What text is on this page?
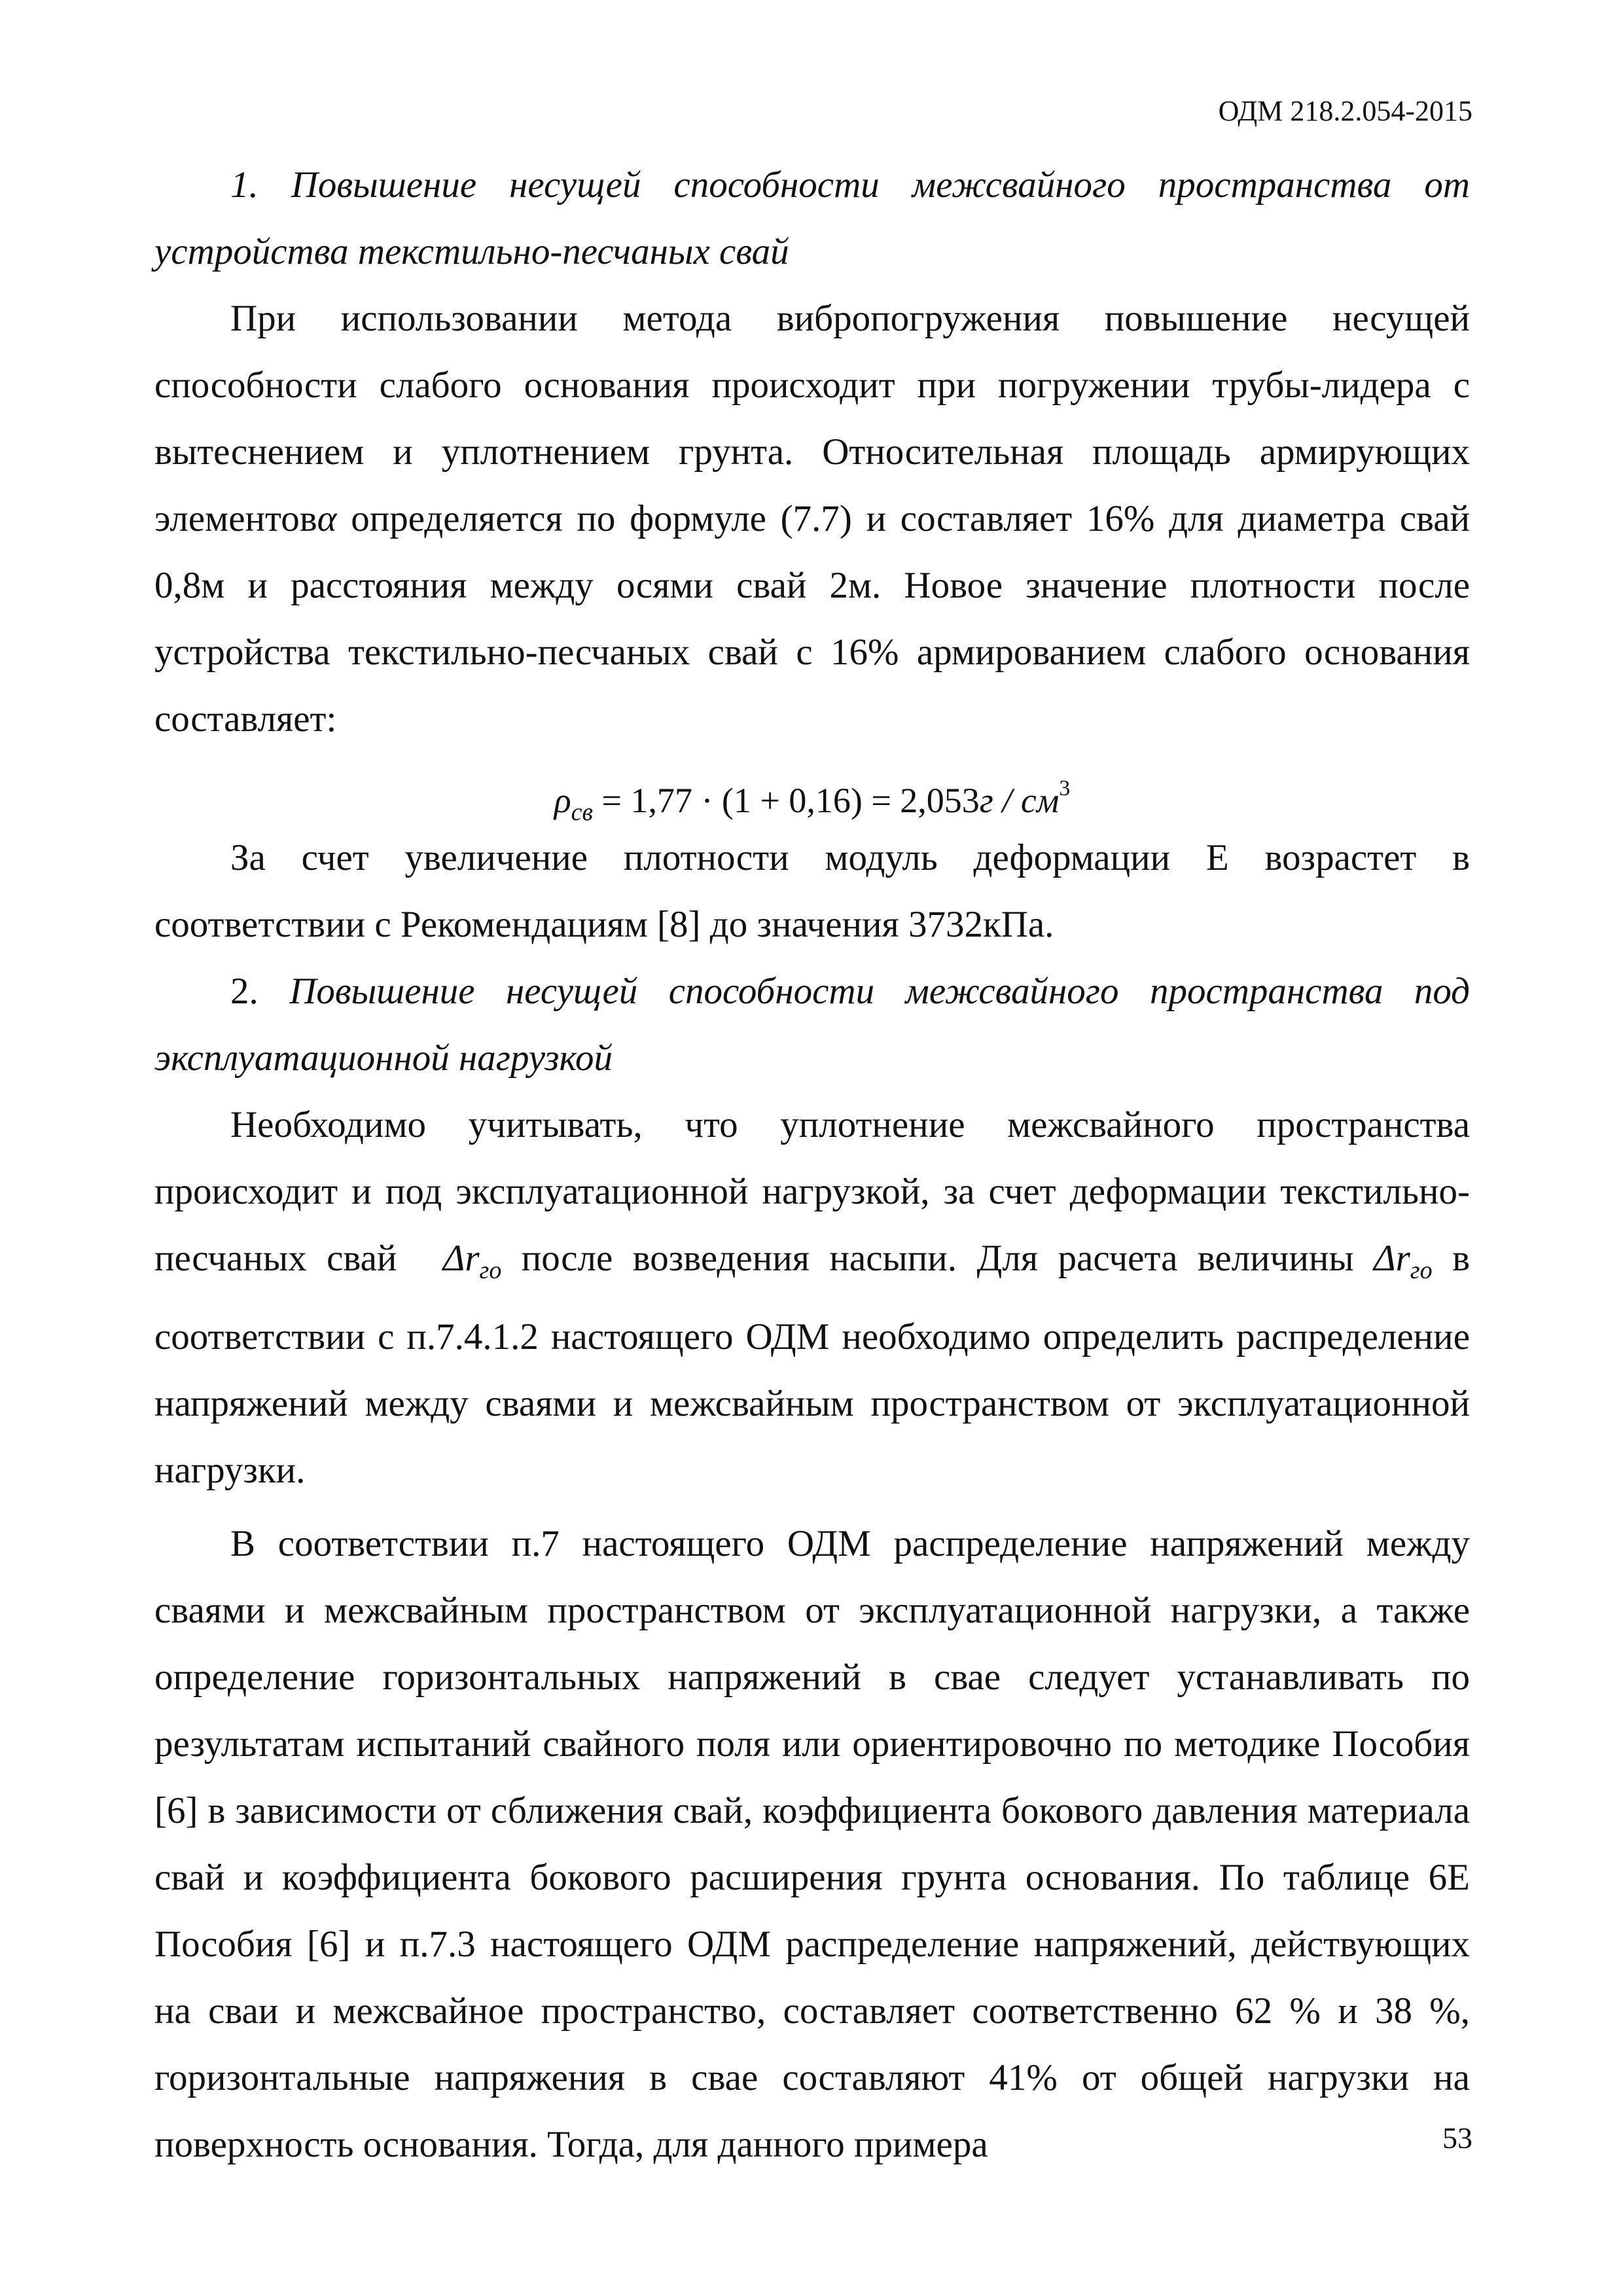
ОДМ 218.2.054-2015

1. Повышение несущей способности межсвайного пространства от устройства текстильно-песчаных свай

При использовании метода вибропогружения повышение несущей способности слабого основания происходит при погружении трубы-лидера с вытеснением и уплотнением грунта. Относительная площадь армирующих элементовα определяется по формуле (7.7) и составляет 16% для диаметра свай 0,8м и расстояния между осями свай 2м. Новое значение плотности после устройства текстильно-песчаных свай с 16% армированием слабого основания составляет:

$\rho_{св} = 1,77 \cdot (1 + 0,16) = 2,053г / см^3$

За счет увеличение плотности модуль деформации Е возрастет в соответствии с Рекомендациям [8] до значения 3732кПа.

2. Повышение несущей способности межсвайного пространства под эксплуатационной нагрузкой

Необходимо учитывать, что уплотнение межсвайного пространства происходит и под эксплуатационной нагрузкой, за счет деформации текстильно-песчаных свай $\Delta r_{го}$ после возведения насыпи. Для расчета величины $\Delta r_{го}$ в соответствии с п.7.4.1.2 настоящего ОДМ необходимо определить распределение напряжений между сваями и межсвайным пространством от эксплуатационной нагрузки.

В соответствии п.7 настоящего ОДМ распределение напряжений между сваями и межсвайным пространством от эксплуатационной нагрузки, а также определение горизонтальных напряжений в свае следует устанавливать по результатам испытаний свайного поля или ориентировочно по методике Пособия [6] в зависимости от сближения свай, коэффициента бокового давления материала свай и коэффициента бокового расширения грунта основания. По таблице 6Е Пособия [6] и п.7.3 настоящего ОДМ распределение напряжений, действующих на сваи и межсвайное пространство, составляет соответственно 62 % и 38 %, горизонтальные напряжения в свае составляют 41% от общей нагрузки на поверхность основания. Тогда, для данного примера	53
